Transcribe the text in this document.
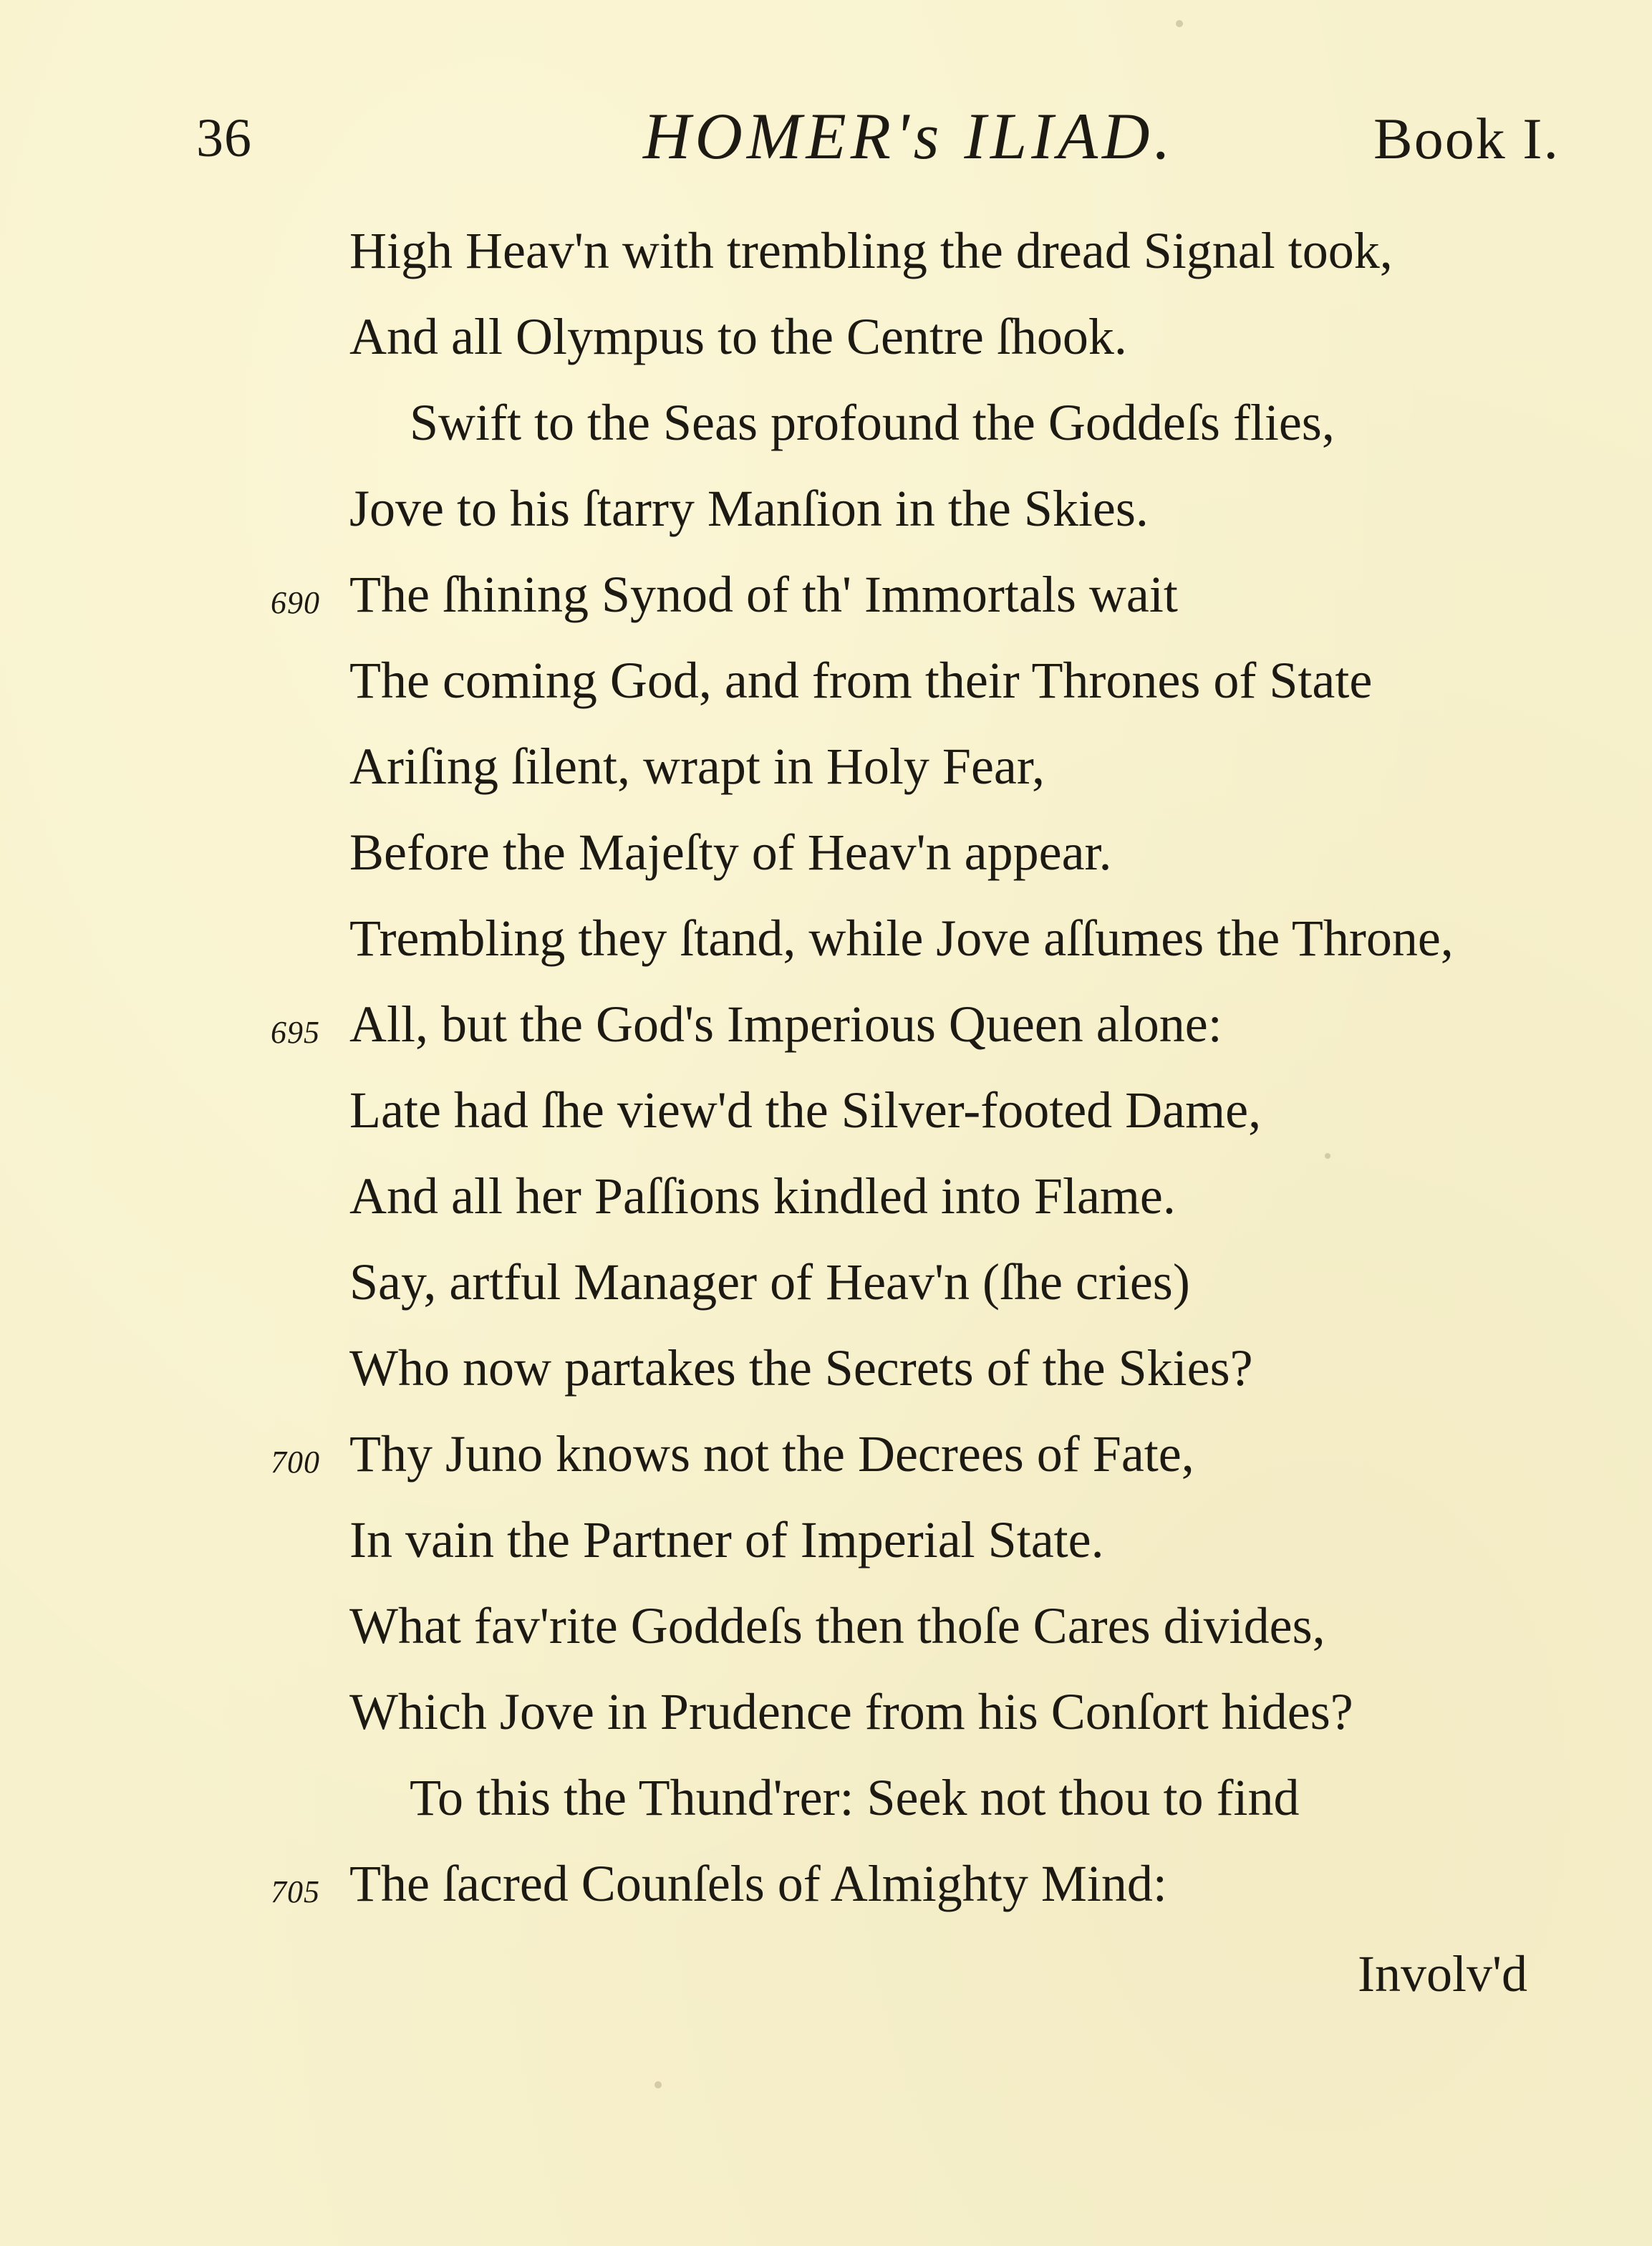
36	HOMER's ILIAD.	Book I.
High Heav'n with trembling the dread Signal took,
And all Olympus to the Centre ſhook.
Swift to the Seas profound the Goddeſs flies,
Jove to his ſtarry Manſion in the Skies.
690 The ſhining Synod of th' Immortals wait
The coming God, and from their Thrones of State
Ariſing ſilent, wrapt in Holy Fear,
Before the Majeſty of Heav'n appear.
Trembling they ſtand, while Jove aſſumes the Throne,
695 All, but the God's Imperious Queen alone:
Late had ſhe view'd the Silver-footed Dame,
And all her Paſſions kindled into Flame.
Say, artful Manager of Heav'n (ſhe cries)
Who now partakes the Secrets of the Skies?
700 Thy Juno knows not the Decrees of Fate,
In vain the Partner of Imperial State.
What fav'rite Goddeſs then thoſe Cares divides,
Which Jove in Prudence from his Conſort hides?
To this the Thund'rer: Seek not thou to find
705 The ſacred Counſels of Almighty Mind:
Involv'd
